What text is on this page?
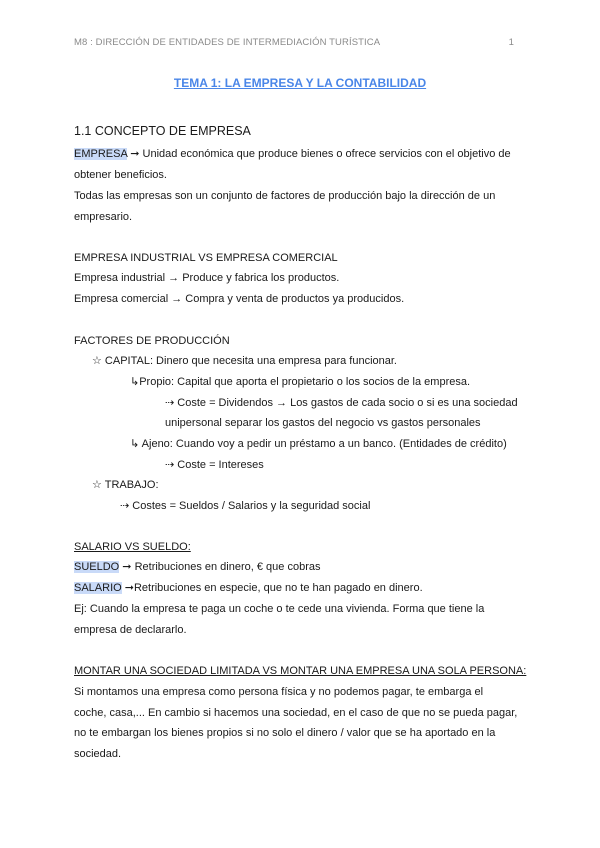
M8 : DIRECCIÓN DE ENTIDADES DE INTERMEDIACIÓN TURÍSTICA	1
TEMA 1: LA EMPRESA Y LA CONTABILIDAD
1.1 CONCEPTO DE EMPRESA
EMPRESA ➞ Unidad económica que produce bienes o ofrece servicios con el objetivo de
obtener beneficios.
Todas las empresas son un conjunto de factores de producción bajo la dirección de un
empresario.
EMPRESA INDUSTRIAL VS EMPRESA COMERCIAL
Empresa industrial → Produce y fabrica los productos.
Empresa comercial → Compra y venta de productos ya producidos.
FACTORES DE PRODUCCIÓN
☆ CAPITAL: Dinero que necesita una empresa para funcionar.
↳Propio: Capital que aporta el propietario o los socios de la empresa.
⇢ Coste = Dividendos → Los gastos de cada socio o si es una sociedad
unipersonal separar los gastos del negocio vs gastos personales
↳ Ajeno: Cuando voy a pedir un préstamo a un banco. (Entidades de crédito)
⇢ Coste = Intereses
☆ TRABAJO:
⇢ Costes = Sueldos / Salarios y la seguridad social
SALARIO VS SUELDO:
SUELDO ➞ Retribuciones en dinero, € que cobras
SALARIO ➞Retribuciones en especie, que no te han pagado en dinero.
Ej: Cuando la empresa te paga un coche o te cede una vivienda. Forma que tiene la
empresa de declararlo.
MONTAR UNA SOCIEDAD LIMITADA VS MONTAR UNA EMPRESA UNA SOLA PERSONA:
Si montamos una empresa como persona física y no podemos pagar, te embarga el
coche, casa,... En cambio si hacemos una sociedad, en el caso de que no se pueda pagar,
no te embargan los bienes propios si no solo el dinero / valor que se ha aportado en la
sociedad.
